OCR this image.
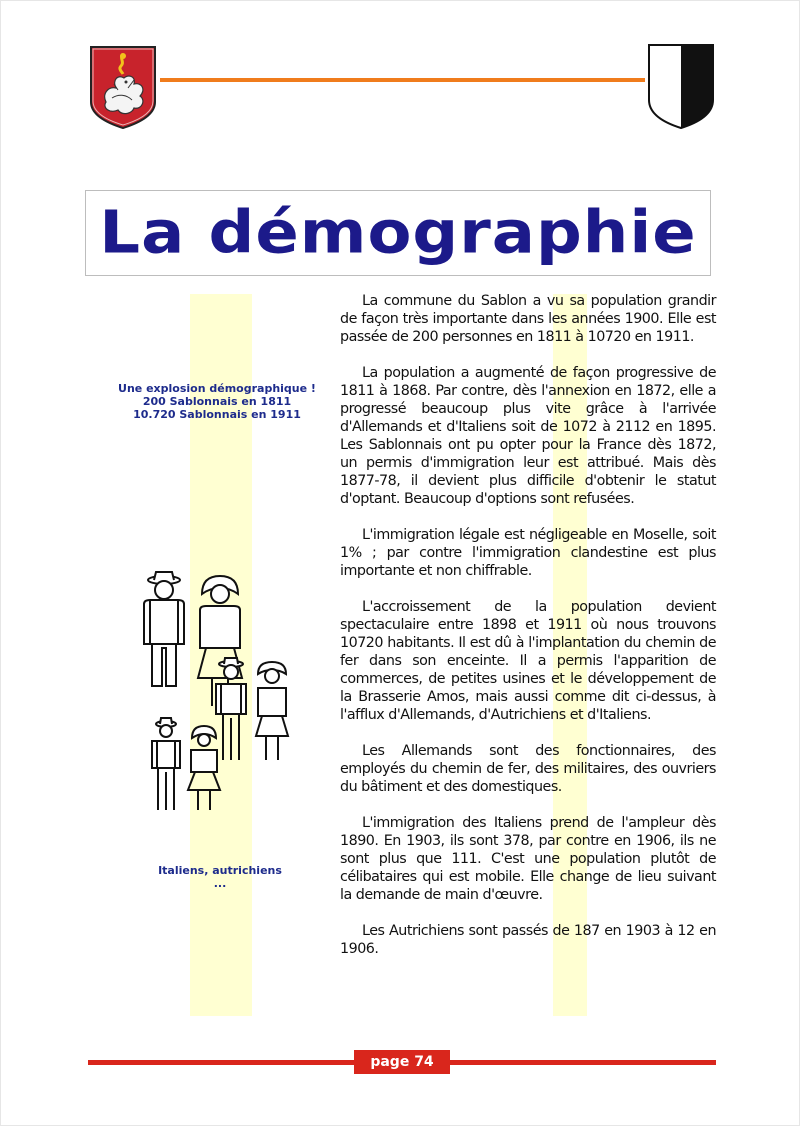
La démographie
Une explosion démographique !
200 Sablonnais en 1811
10.720 Sablonnais en 1911
Italiens, autrichiens
...

La commune du Sablon a vu sa population grandir de façon très importante dans les années 1900. Elle est passée de 200 personnes en 1811 à 10720 en 1911.

La population a augmenté de façon progressive de 1811 à 1868. Par contre, dès l'annexion en 1872, elle a progressé beaucoup plus vite grâce à l'arrivée d'Allemands et d'Italiens soit de 1072 à 2112 en 1895. Les Sablonnais ont pu opter pour la France dès 1872, un permis d'immigration leur est attribué. Mais dès 1877-78, il devient plus difficile d'obtenir le statut d'optant. Beaucoup d'options sont refusées.

L'immigration légale est négligeable en Moselle, soit 1% ; par contre l'immigration clandestine est plus importante et non chiffrable.

L'accroissement de la population devient spectaculaire entre 1898 et 1911 où nous trouvons 10720 habitants. Il est dû à l'implantation du chemin de fer dans son enceinte. Il a permis l'apparition de commerces, de petites usines et le développement de la Brasserie Amos, mais aussi comme dit ci-dessus, à l'afflux d'Allemands, d'Autrichiens et d'Italiens.

Les Allemands sont des fonctionnaires, des employés du chemin de fer, des militaires, des ouvriers du bâtiment et des domestiques.

L'immigration des Italiens prend de l'ampleur dès 1890. En 1903, ils sont 378, par contre en 1906, ils ne sont plus que 111. C'est une population plutôt de célibataires qui est mobile. Elle change de lieu suivant la demande de main d'œuvre.

Les Autrichiens sont passés de 187 en 1903 à 12 en 1906.

page 74
